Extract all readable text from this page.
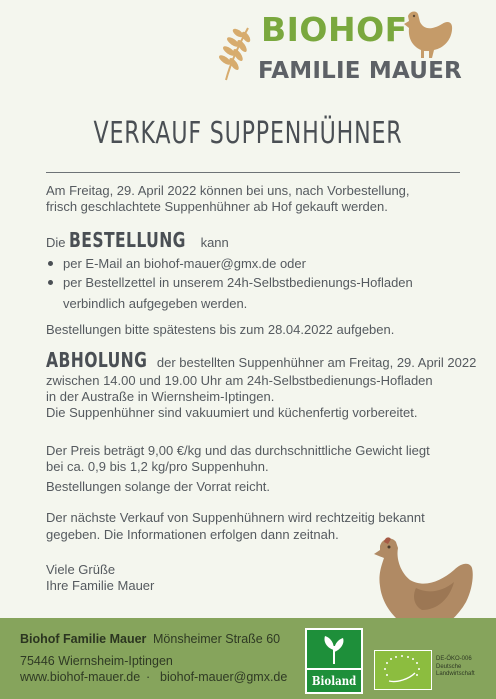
BIOHOF
FAMILIE MAUER
VERKAUF SUPPENHÜHNER

Am Freitag, 29. April 2022 können bei uns, nach Vorbestellung,

frisch geschlachtete Suppenhühner ab Hof gekauft werden.

Die BESTELLUNG kann

per E-Mail an biohof-mauer@gmx.de oder
per Bestellzettel in unserem 24h-Selbstbedienungs-Hofladen

verbindlich aufgegeben werden.

Bestellungen bitte spätestens bis zum 28.04.2022 aufgeben.

ABHOLUNG der bestellten Suppenhühner am Freitag, 29. April 2022

zwischen 14.00 und 19.00 Uhr am 24h-Selbstbedienungs-Hofladen

in der Austraße in Wiernsheim-Iptingen.

Die Suppenhühner sind vakuumiert und küchenfertig vorbereitet.

Der Preis beträgt 9,00 €/kg und das durchschnittliche Gewicht liegt

bei ca. 0,9 bis 1,2 kg/pro Suppenhuhn.

Bestellungen solange der Vorrat reicht.

Der nächste Verkauf von Suppenhühnern wird rechtzeitig bekannt

gegeben. Die Informationen erfolgen dann zeitnah.

Viele Grüße

Ihre Familie Mauer

Biohof Familie Mauer Mönsheimer Straße 60
75446 Wiernsheim-Iptingen
www.biohof-mauer.de · biohof-mauer@gmx.de	Bioland
DE-ÖKO-006
Deutsche
Landwirtschaft
